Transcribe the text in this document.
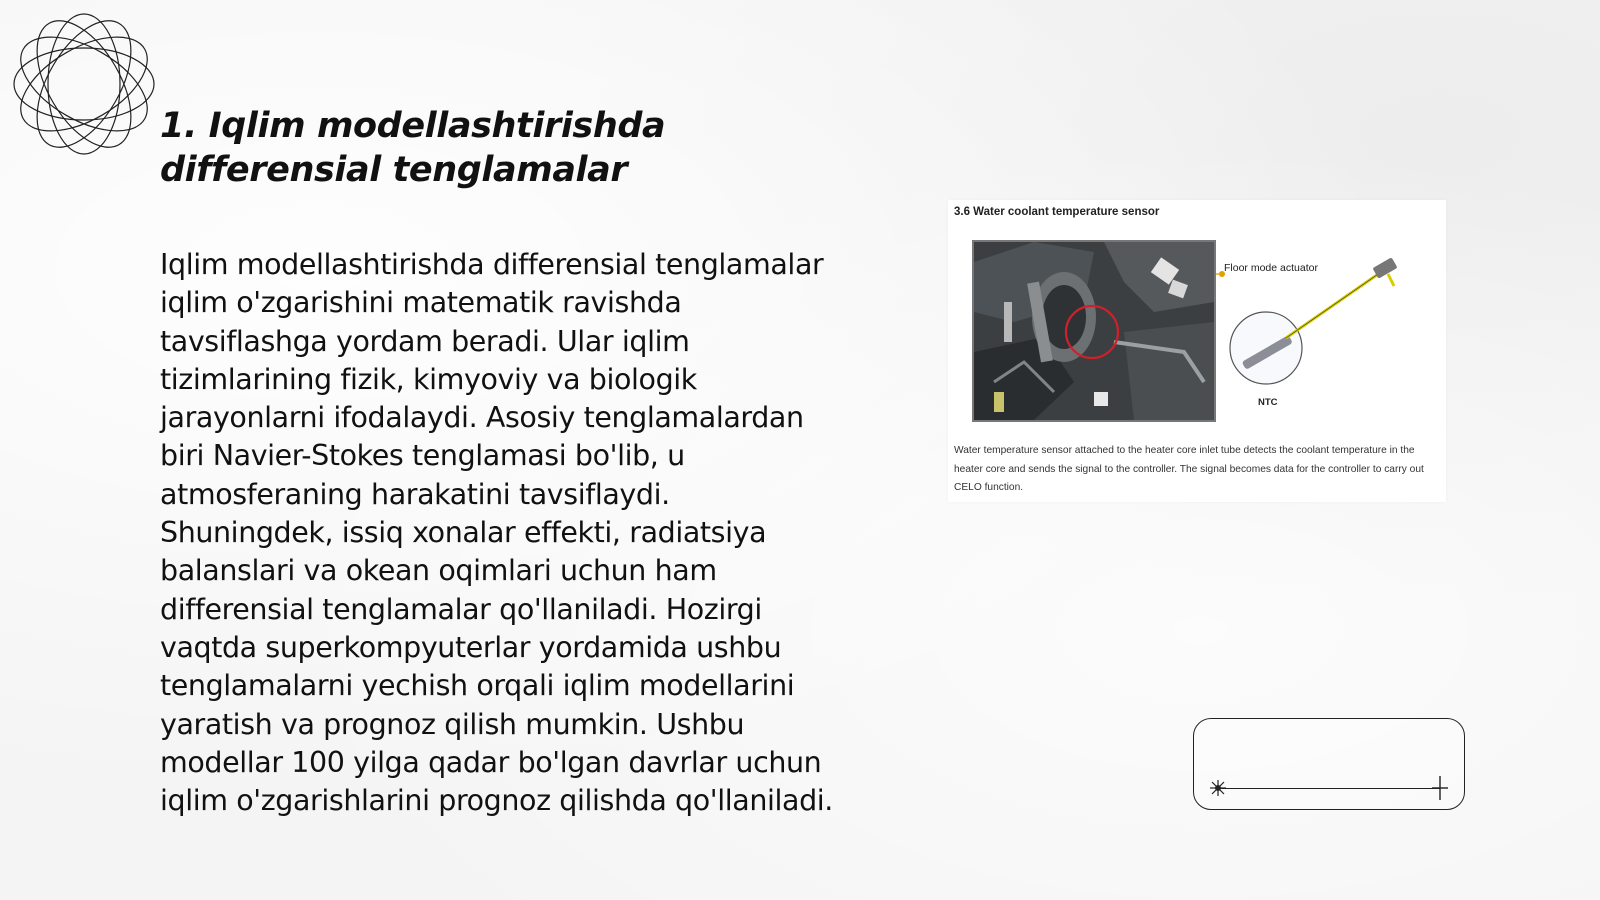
1. Iqlim modellashtirishda differensial tenglamalar

Iqlim modellashtirishda differensial tenglamalar iqlim o'zgarishini matematik ravishda tavsiflashga yordam beradi. Ular iqlim tizimlarining fizik, kimyoviy va biologik jarayonlarni ifodalaydi. Asosiy tenglamalardan biri Navier-Stokes tenglamasi bo'lib, u atmosferaning harakatini tavsiflaydi. Shuningdek, issiq xonalar effekti, radiatsiya balanslari va okean oqimlari uchun ham differensial tenglamalar qo'llaniladi. Hozirgi vaqtda superkompyuterlar yordamida ushbu tenglamalarni yechish orqali iqlim modellarini yaratish va prognoz qilish mumkin. Ushbu modellar 100 yilga qadar bo'lgan davrlar uchun iqlim o'zgarishlarini prognoz qilishda qo'llaniladi.

3.6 Water coolant temperature sensor
Floor mode actuator
NTC

Water temperature sensor attached to the heater core inlet tube detects the coolant temperature in the heater core and sends the signal to the controller. The signal becomes data for the controller to carry out CELO function.
